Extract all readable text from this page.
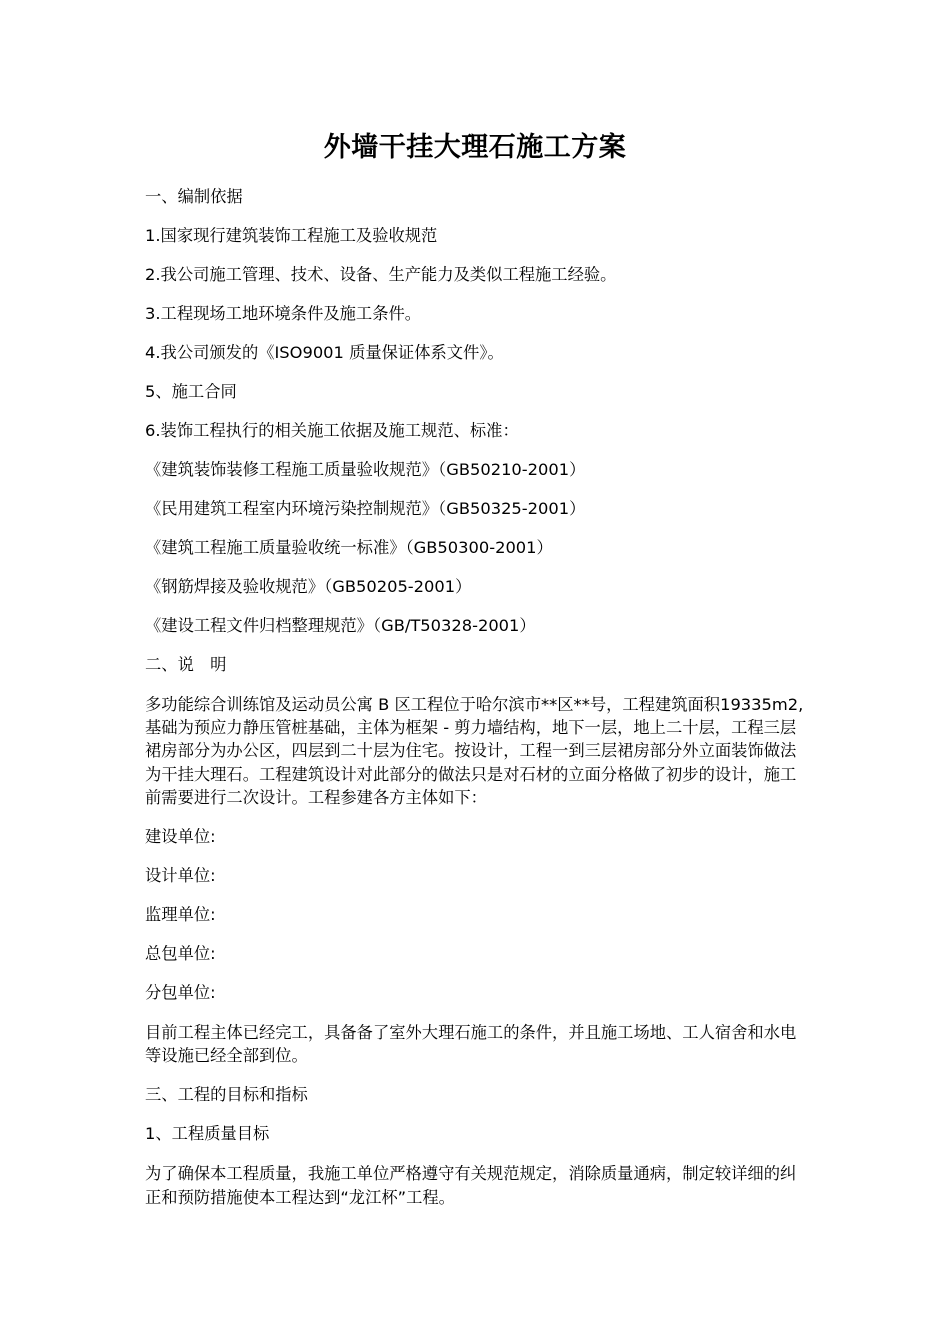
外墙干挂大理石施工方案

一、编制依据

1.国家现行建筑装饰工程施工及验收规范

2.我公司施工管理、技术、设备、生产能力及类似工程施工经验。

3.工程现场工地环境条件及施工条件。

4.我公司颁发的《ISO9001 质量保证体系文件》。

5、施工合同

6.装饰工程执行的相关施工依据及施工规范、标准：

《建筑装饰装修工程施工质量验收规范》（GB50210-2001）

《民用建筑工程室内环境污染控制规范》（GB50325-2001）

《建筑工程施工质量验收统一标准》（GB50300-2001）

《钢筋焊接及验收规范》（GB50205-2001）

《建设工程文件归档整理规范》（GB/T50328-2001）

二、说　明

多功能综合训练馆及运动员公寓 B 区工程位于哈尔滨市**区**号，工程建筑面积19335m2,基础为预应力静压管桩基础，主体为框架 - 剪力墙结构，地下一层，地上二十层，工程三层裙房部分为办公区，四层到二十层为住宅。按设计，工程一到三层裙房部分外立面装饰做法为干挂大理石。工程建筑设计对此部分的做法只是对石材的立面分格做了初步的设计，施工前需要进行二次设计。工程参建各方主体如下：

建设单位:

设计单位:

监理单位:

总包单位:

分包单位:

目前工程主体已经完工，具备备了室外大理石施工的条件，并且施工场地、工人宿舍和水电等设施已经全部到位。

三、工程的目标和指标

1、工程质量目标

为了确保本工程质量，我施工单位严格遵守有关规范规定，消除质量通病，制定较详细的纠正和预防措施使本工程达到“龙江杯”工程。
